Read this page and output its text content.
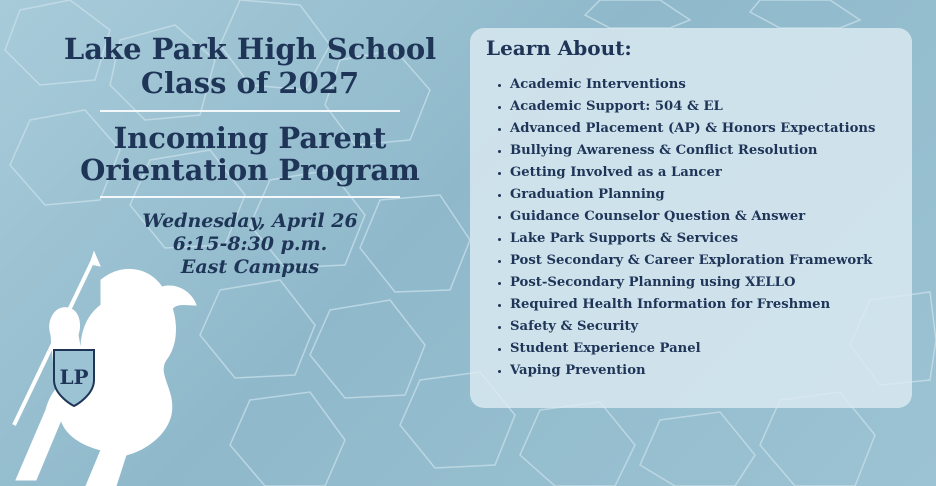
Lake Park High School
Class of 2027
Incoming Parent
Orientation Program
Wednesday, April 26
6:15-8:30 p.m.
East Campus
LP
Learn About:
• Academic Interventions
• Academic Support: 504 & EL
• Advanced Placement (AP) & Honors Expectations
• Bullying Awareness & Conflict Resolution
• Getting Involved as a Lancer
• Graduation Planning
• Guidance Counselor Question & Answer
• Lake Park Supports & Services
• Post Secondary & Career Exploration Framework
• Post-Secondary Planning using XELLO
• Required Health Information for Freshmen
• Safety & Security
• Student Experience Panel
• Vaping Prevention
